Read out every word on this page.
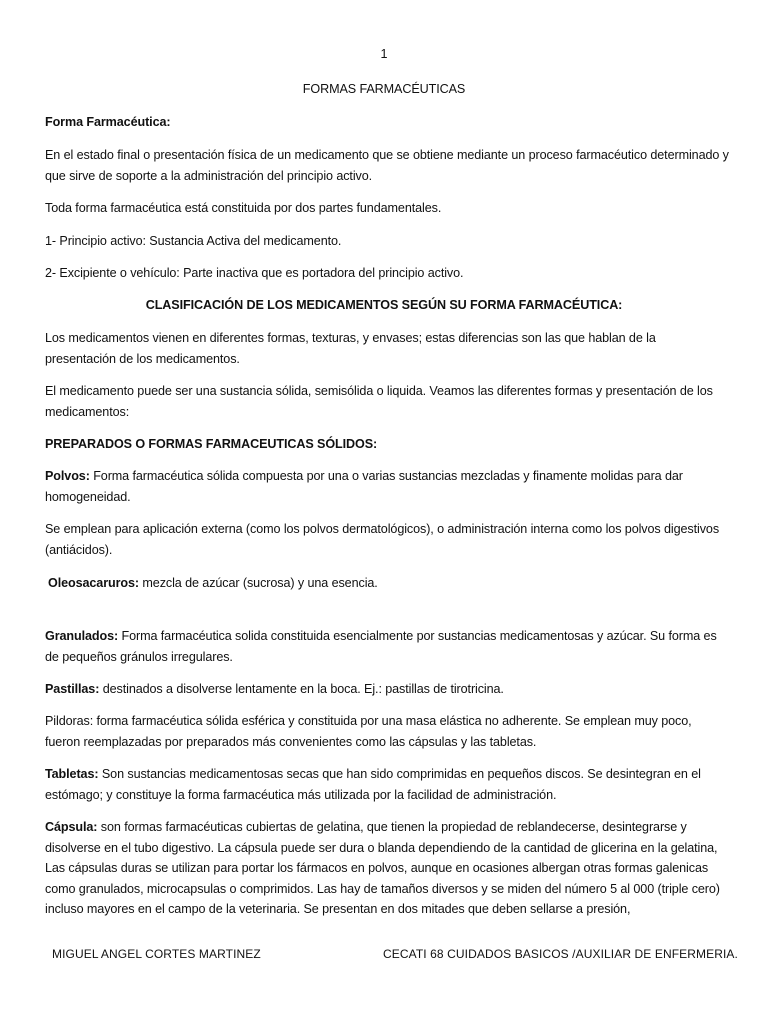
1

FORMAS FARMACÉUTICAS

Forma Farmacéutica:

En el estado final o presentación física de un medicamento que se obtiene mediante un proceso farmacéutico determinado y que sirve de soporte a la administración del principio activo.

Toda forma farmacéutica está constituida por dos partes fundamentales.

1- Principio activo: Sustancia Activa del medicamento.

2- Excipiente o vehículo: Parte inactiva que es portadora del principio activo.

CLASIFICACIÓN DE LOS MEDICAMENTOS SEGÚN SU FORMA FARMACÉUTICA:

Los medicamentos vienen en diferentes formas, texturas, y envases; estas diferencias son las que hablan de la presentación de los medicamentos.

El medicamento puede ser una sustancia sólida, semisólida o liquida. Veamos las diferentes formas y presentación de los medicamentos:

PREPARADOS O FORMAS FARMACEUTICAS SÓLIDOS:

Polvos: Forma farmacéutica sólida compuesta por una o varias sustancias mezcladas y finamente molidas para dar homogeneidad.

Se emplean para aplicación externa (como los polvos dermatológicos), o administración interna como los polvos digestivos (antiácidos).

Oleosacaruros: mezcla de azúcar (sucrosa) y una esencia.

Granulados: Forma farmacéutica solida constituida esencialmente por sustancias medicamentosas y azúcar. Su forma es de pequeños gránulos irregulares.

Pastillas: destinados a disolverse lentamente en la boca. Ej.: pastillas de tirotricina.

Pildoras: forma farmacéutica sólida esférica y constituida por una masa elástica no adherente. Se emplean muy poco, fueron reemplazadas por preparados más convenientes como las cápsulas y las tabletas.

Tabletas: Son sustancias medicamentosas secas que han sido comprimidas en pequeños discos. Se desintegran en el estómago; y constituye la forma farmacéutica más utilizada por la facilidad de administración.

Cápsula: son formas farmacéuticas cubiertas de gelatina, que tienen la propiedad de reblandecerse, desintegrarse y disolverse en el tubo digestivo. La cápsula puede ser dura o blanda dependiendo de la cantidad de glicerina en la gelatina, Las cápsulas duras se utilizan para portar los fármacos en polvos, aunque en ocasiones albergan otras formas galenicas como granulados, microcapsulas o comprimidos. Las hay de tamaños diversos y se miden del número 5 al 000 (triple cero) incluso mayores en el campo de la veterinaria. Se presentan en dos mitades que deben sellarse a presión,

MIGUEL ANGEL CORTES MARTINEZ	CECATI 68 CUIDADOS BASICOS /AUXILIAR DE ENFERMERIA.
